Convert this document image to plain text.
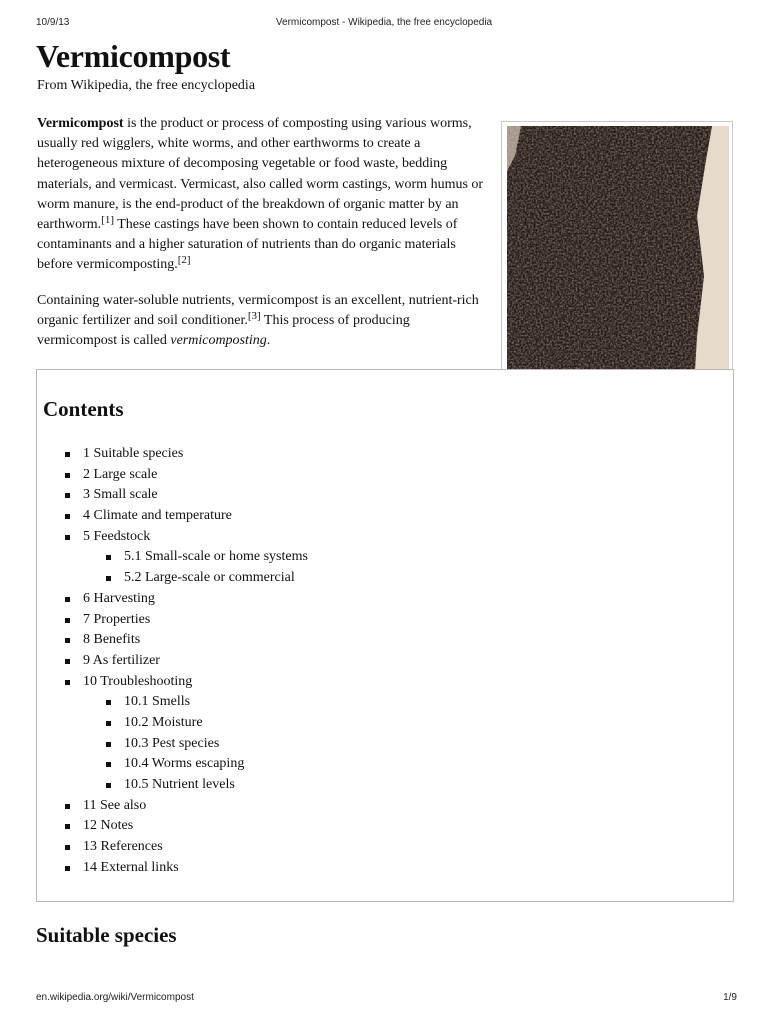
10/9/13	Vermicompost - Wikipedia, the free encyclopedia
Vermicompost
From Wikipedia, the free encyclopedia

Vermicompost is the product or process of composting using various worms, usually red wigglers, white worms, and other earthworms to create a heterogeneous mixture of decomposing vegetable or food waste, bedding materials, and vermicast. Vermicast, also called worm castings, worm humus or worm manure, is the end-product of the breakdown of organic matter by an earthworm.[1] These castings have been shown to contain reduced levels of contaminants and a higher saturation of nutrients than do organic materials before vermicomposting.[2]

Containing water-soluble nutrients, vermicompost is an excellent, nutrient-rich organic fertilizer and soil conditioner.[3] This process of producing vermicompost is called vermicomposting.

Contents
1 Suitable species
2 Large scale
3 Small scale
4 Climate and temperature
5 Feedstock
5.1 Small-scale or home systems
5.2 Large-scale or commercial
6 Harvesting
7 Properties
8 Benefits
9 As fertilizer
10 Troubleshooting
10.1 Smells
10.2 Moisture
10.3 Pest species
10.4 Worms escaping
10.5 Nutrient levels
11 See also
12 Notes
13 References
14 External links
Suitable species
en.wikipedia.org/wiki/Vermicompost	1/9
